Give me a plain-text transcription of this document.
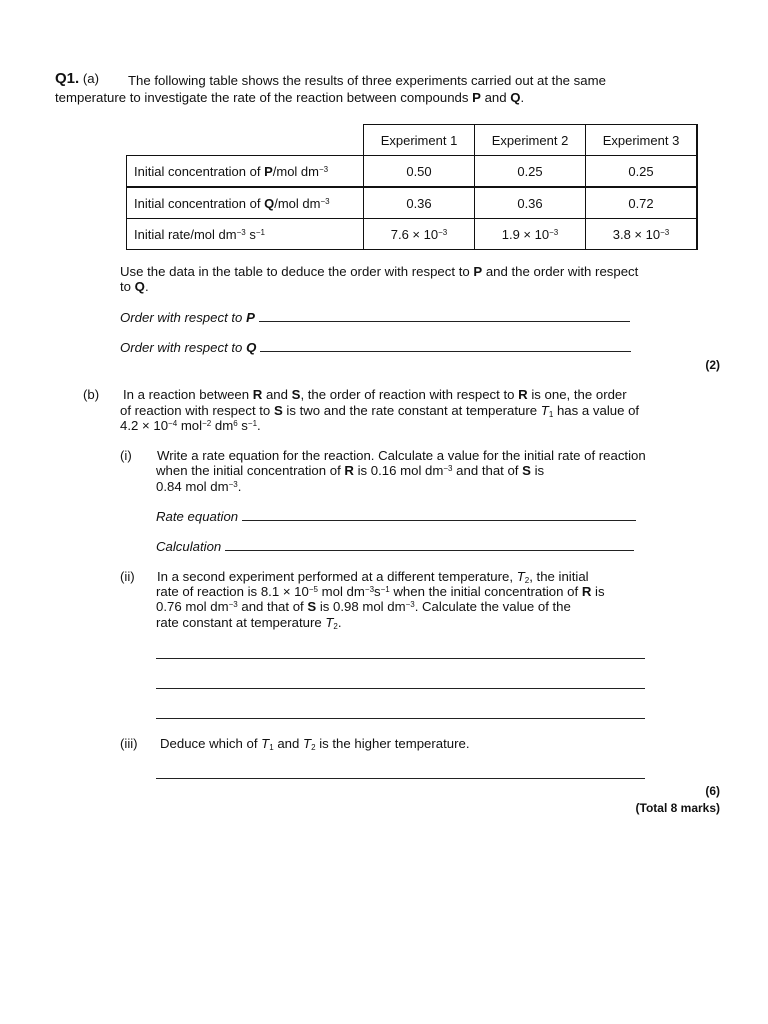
Q1. (a) The following table shows the results of three experiments carried out at the same
temperature to investigate the rate of the reaction between compounds P and Q.
	Experiment 1	Experiment 2	Experiment 3
Initial concentration of P/mol $dm^{-3}$	0.50	0.25	0.25
Initial concentration of Q/mol $dm^{-3}$	0.36	0.36	0.72
Initial rate/mol $dm^{-3}$ $s^{-1}$	$7.6 \times 10^{-3}$	$1.9 \times 10^{-3}$	$3.8 \times 10^{-3}$
Use the data in the table to deduce the order with respect to P and the order with respect
to Q.
Order with respect to P
Order with respect to Q
(2)
(b) In a reaction between R and S, the order of reaction with respect to R is one, the order
of reaction with respect to S is two and the rate constant at temperature $T_1$ has a value of
$4.2 \times 10^{-4}$ mol$^{-2}$ $dm^6$ $s^{-1}$.
(i) Write a rate equation for the reaction. Calculate a value for the initial rate of reaction
when the initial concentration of R is 0.16 mol $dm^{-3}$ and that of S is
0.84 mol $dm^{-3}$.
Rate equation
Calculation
(ii) In a second experiment performed at a different temperature, $T_2$, the initial
rate of reaction is $8.1 \times 10^{-5}$ mol $dm^{-3}s^{-1}$ when the initial concentration of R is
0.76 mol $dm^{-3}$ and that of S is 0.98 mol $dm^{-3}$. Calculate the value of the
rate constant at temperature $T_2$.
(iii) Deduce which of $T_1$ and $T_2$ is the higher temperature.
(6)
(Total 8 marks)
